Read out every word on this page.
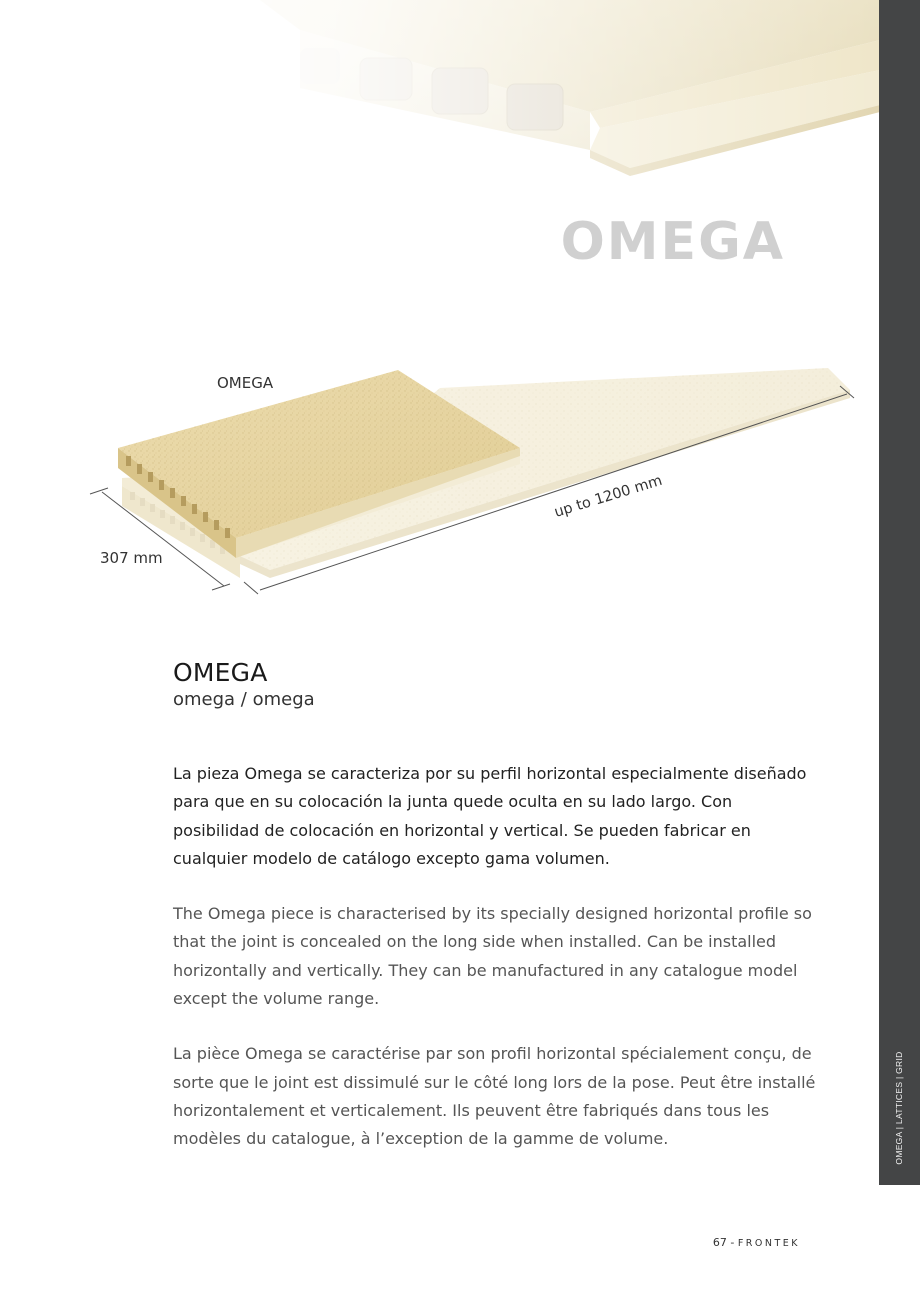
OMEGA | LATTICES | GRID
OMEGA
OMEGA
up to 1200 mm
307 mm
OMEGA

omega / omega

La pieza Omega se caracteriza por su perfil horizontal especialmente diseñado para que en su colocación la junta quede oculta en su lado largo. Con posibilidad de colocación en horizontal y vertical. Se pueden fabricar en cualquier modelo de catálogo excepto gama volumen.

The Omega piece is characterised by its specially designed horizontal profile so that the joint is concealed on the long side when installed. Can be installed horizontally and vertically. They can be manufactured in any catalogue model except the volume range.

La pièce Omega se caractérise par son profil horizontal spécialement conçu, de sorte que le joint est dissimulé sur le côté long lors de la pose. Peut être installé horizontalement et verticalement. Ils peuvent être fabriqués dans tous les modèles du catalogue, à l’exception de la gamme de volume.

67 - FRONTEK
